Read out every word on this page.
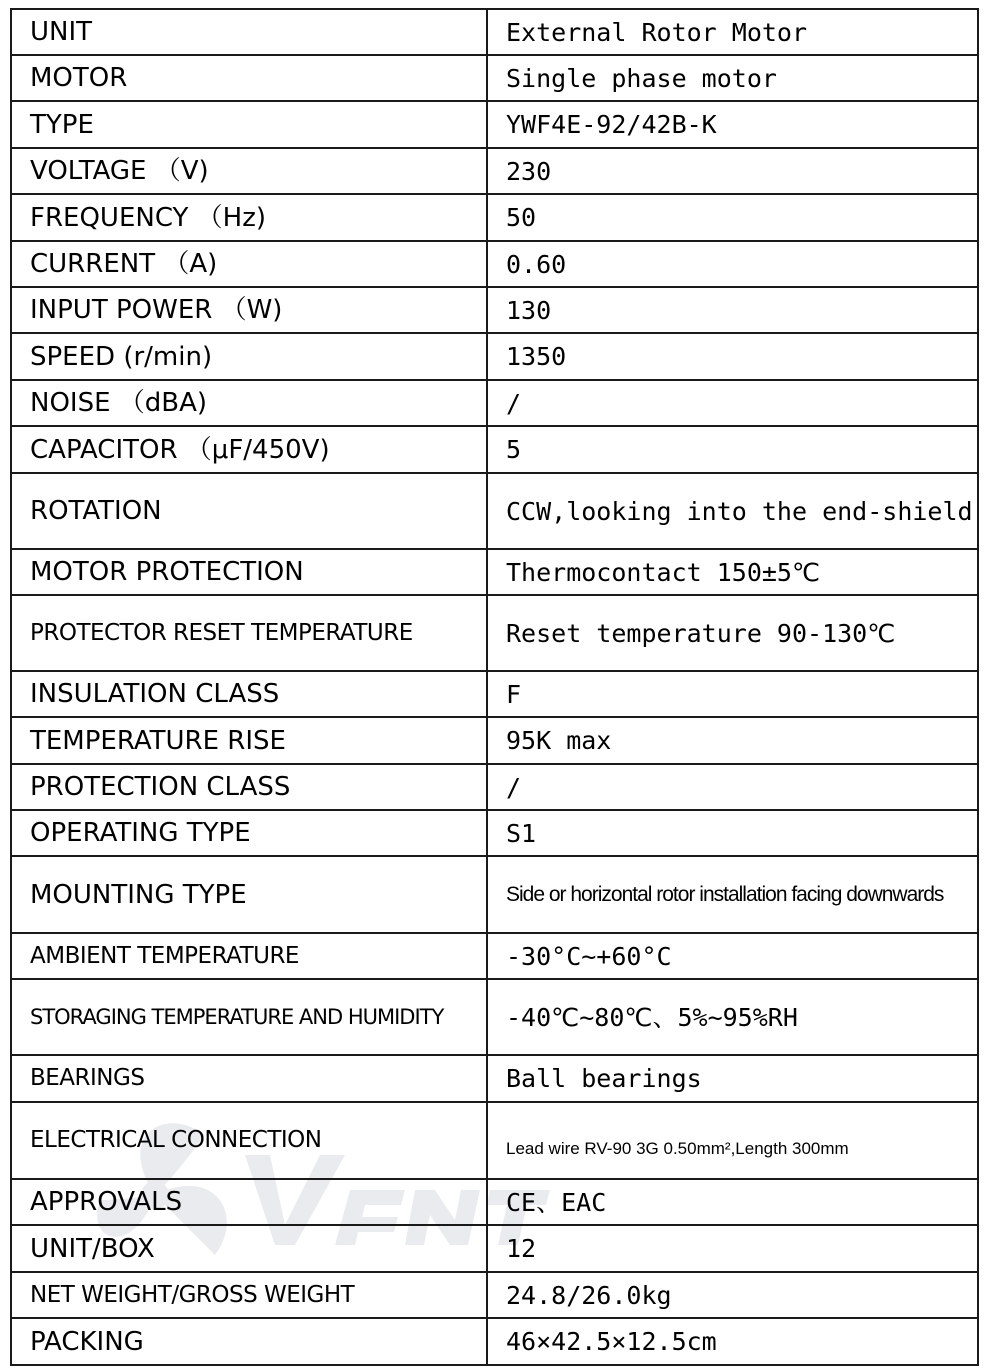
UNIT	External Rotor Motor
MOTOR	Single phase motor
TYPE	YWF4E-92/42B-K
VOLTAGE （V)	230
FREQUENCY （Hz)	50
CURRENT （A)	0.60
INPUT POWER （W)	130
SPEED (r/min)	1350
NOISE （dBA)	/
CAPACITOR （μF/450V)	5
ROTATION	CCW,looking into the end-shield
MOTOR PROTECTION	Thermocontact 150±5℃
PROTECTOR RESET TEMPERATURE	Reset temperature 90-130℃
INSULATION CLASS	F
TEMPERATURE RISE	95K max
PROTECTION CLASS	/
OPERATING TYPE	S1
MOUNTING TYPE	Side or horizontal rotor installation facing downwards
AMBIENT TEMPERATURE	-30°C~+60°C
STORAGING TEMPERATURE AND HUMIDITY	-40℃~80℃、5%~95%RH
BEARINGS	Ball bearings
ELECTRICAL CONNECTION	Lead wire RV-90 3G 0.50mm²,Length 300mm
APPROVALS	CE、EAC
UNIT/BOX	12
NET WEIGHT/GROSS WEIGHT	24.8/26.0kg
PACKING	46×42.5×12.5cm
